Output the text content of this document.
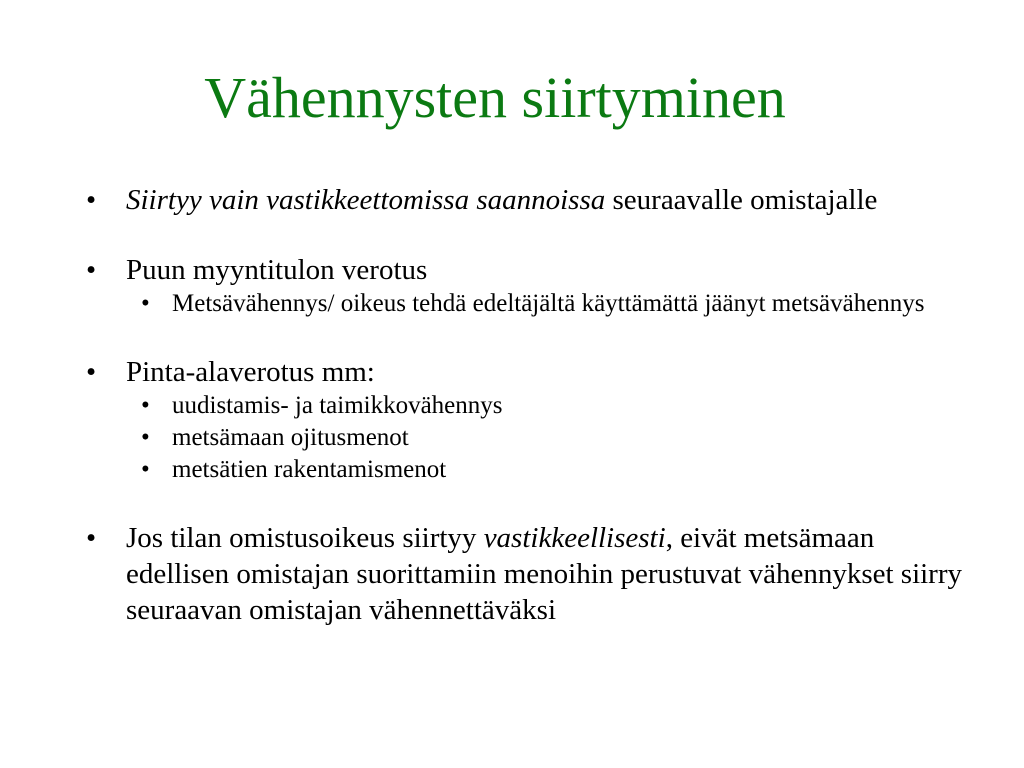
Vähennysten siirtyminen
• Siirtyy vain vastikkeettomissa saannoissa seuraavalle omistajalle
• Puun myyntitulon verotus
• Metsävähennys/ oikeus tehdä edeltäjältä käyttämättä jäänyt metsävähennys
• Pinta-alaverotus mm:
• uudistamis- ja taimikkovähennys
• metsämaan ojitusmenot
• metsätien rakentamismenot
• Jos tilan omistusoikeus siirtyy vastikkeellisesti, eivät metsämaan edellisen omistajan suorittamiin menoihin perustuvat vähennykset siirry seuraavan omistajan vähennettäväksi
